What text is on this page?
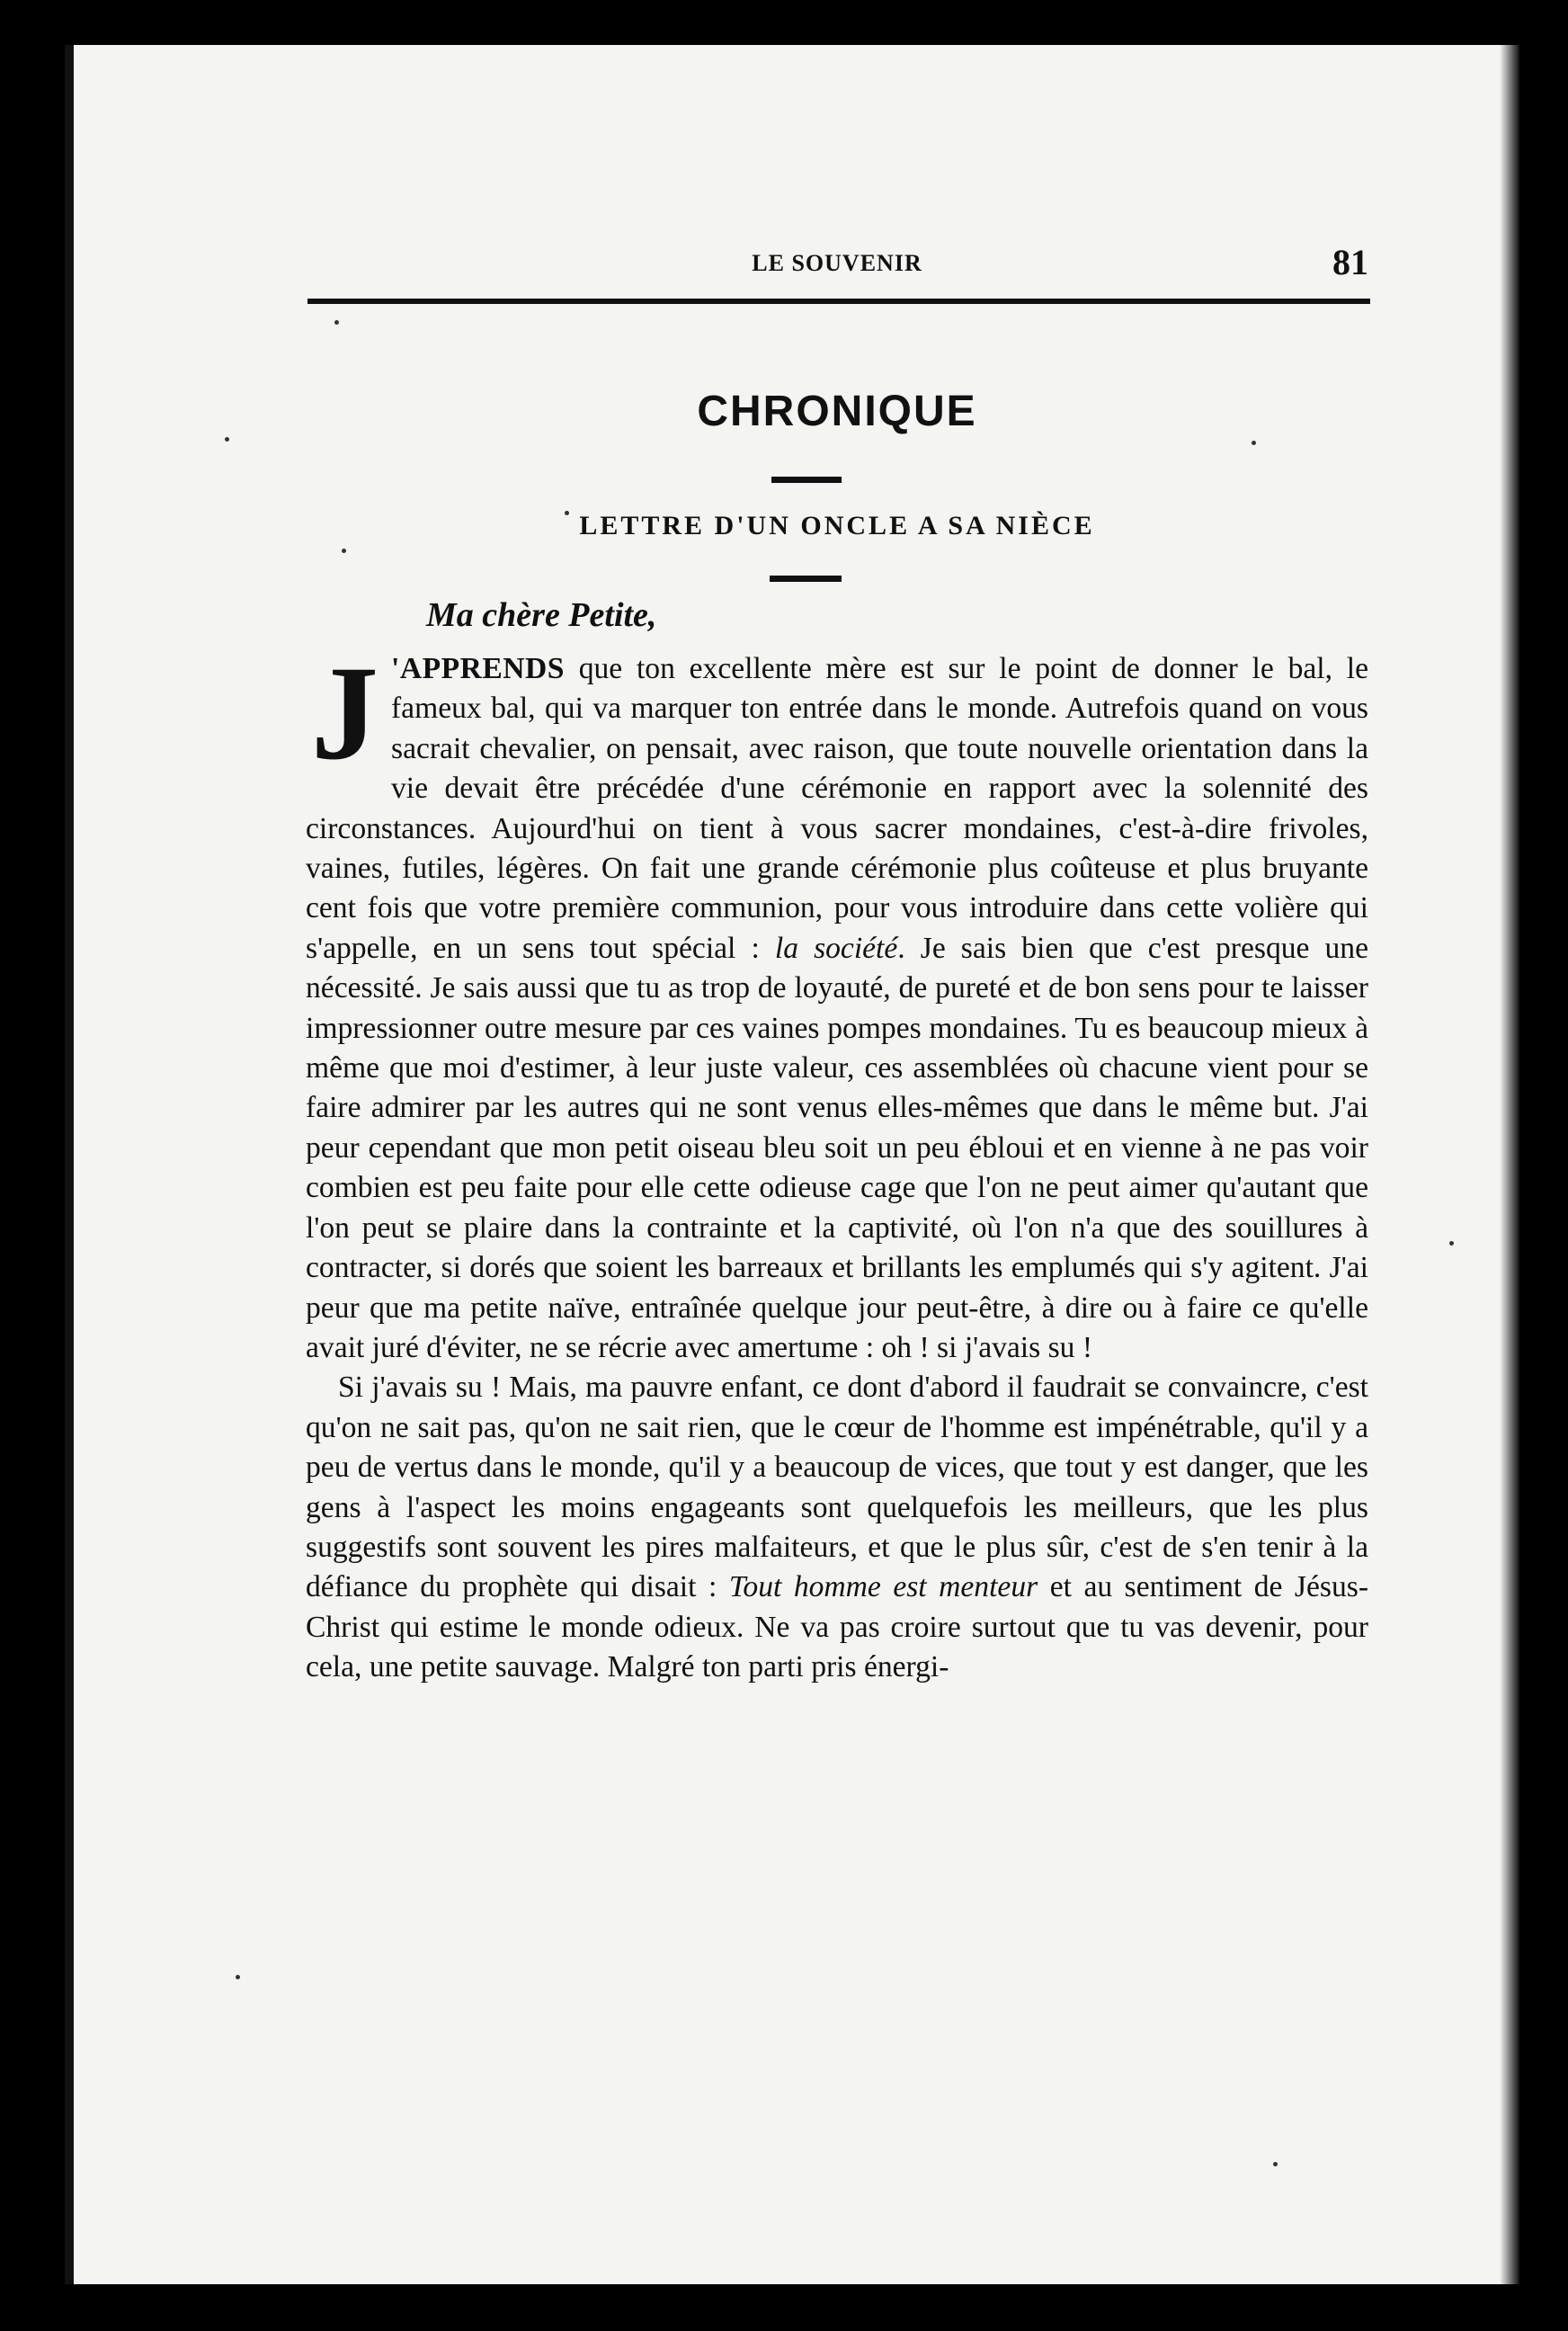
LE SOUVENIR	81
CHRONIQUE
LETTRE D'UN ONCLE A SA NIÈCE
Ma chère Petite,

J 'APPRENDS que ton excellente mère est sur le point de donner le bal, le fameux bal, qui va marquer ton entrée dans le monde. Autrefois quand on vous sacrait chevalier, on pensait, avec raison, que toute nouvelle orientation dans la vie devait être précédée d'une cérémonie en rapport avec la solennité des circonstances. Aujourd'hui on tient à vous sacrer mondaines, c'est-à-dire frivoles, vaines, futiles, légères. On fait une grande cérémonie plus coûteuse et plus bruyante cent fois que votre première communion, pour vous introduire dans cette volière qui s'appelle, en un sens tout spécial : la société. Je sais bien que c'est presque une nécessité. Je sais aussi que tu as trop de loyauté, de pureté et de bon sens pour te laisser impressionner outre mesure par ces vaines pompes mondaines. Tu es beaucoup mieux à même que moi d'estimer, à leur juste valeur, ces assemblées où chacune vient pour se faire admirer par les autres qui ne sont venus elles-mêmes que dans le même but. J'ai peur cependant que mon petit oiseau bleu soit un peu ébloui et en vienne à ne pas voir combien est peu faite pour elle cette odieuse cage que l'on ne peut aimer qu'autant que l'on peut se plaire dans la contrainte et la captivité, où l'on n'a que des souillures à contracter, si dorés que soient les barreaux et brillants les emplumés qui s'y agitent. J'ai peur que ma petite naïve, entraînée quelque jour peut-être, à dire ou à faire ce qu'elle avait juré d'éviter, ne se récrie avec amertume : oh ! si j'avais su !

Si j'avais su ! Mais, ma pauvre enfant, ce dont d'abord il faudrait se convaincre, c'est qu'on ne sait pas, qu'on ne sait rien, que le cœur de l'homme est impénétrable, qu'il y a peu de vertus dans le monde, qu'il y a beaucoup de vices, que tout y est danger, que les gens à l'aspect les moins engageants sont quelquefois les meilleurs, que les plus suggestifs sont souvent les pires malfaiteurs, et que le plus sûr, c'est de s'en tenir à la défiance du prophète qui disait : Tout homme est menteur et au sentiment de Jésus-Christ qui estime le monde odieux. Ne va pas croire surtout que tu vas devenir, pour cela, une petite sauvage. Malgré ton parti pris énergi-
